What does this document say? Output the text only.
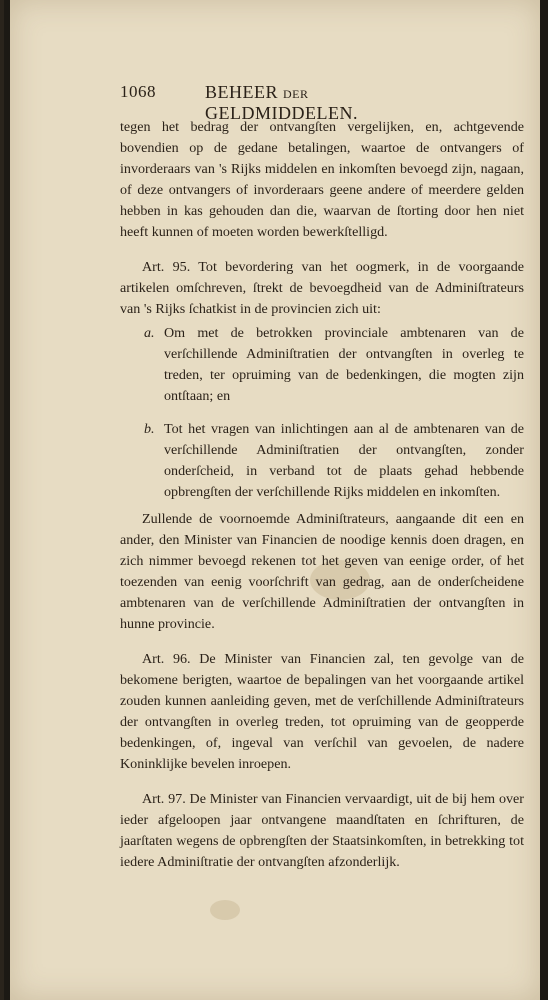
1068	BEHEER DER GELDMIDDELEN.

tegen het bedrag der ontvangſten vergelijken, en, achtgevende bovendien op de gedane betalingen, waartoe de ontvangers of invorderaars van 's Rijks middelen en inkomſten bevoegd zijn, nagaan, of deze ontvangers of invorderaars geene andere of meerdere gelden hebben in kas gehouden dan die, waarvan de ſtorting door hen niet heeft kunnen of moeten worden bewerkſtelligd.

Art. 95. Tot bevordering van het oogmerk, in de voorgaande artikelen omſchreven, ſtrekt de bevoegdheid van de Adminiſtrateurs van 's Rijks ſchatkist in de provincien zich uit:

a. Om met de betrokken provinciale ambtenaren van de verſchillende Adminiſtratien der ontvangſten in overleg te treden, ter opruiming van de bedenkingen, die mogten zijn ontſtaan; en
b. Tot het vragen van inlichtingen aan al de ambtenaren van de verſchillende Adminiſtratien der ontvangſten, zonder onderſcheid, in verband tot de plaats gehad hebbende opbrengſten der verſchillende Rijks middelen en inkomſten.

Zullende de voornoemde Adminiſtrateurs, aangaande dit een en ander, den Minister van Financien de noodige kennis doen dragen, en zich nimmer bevoegd rekenen tot het geven van eenige order, of het toezenden van eenig voorſchrift van gedrag, aan de onderſcheidene ambtenaren van de verſchillende Adminiſtratien der ontvangſten in hunne provincie.

Art. 96. De Minister van Financien zal, ten gevolge van de bekomene berigten, waartoe de bepalingen van het voorgaande artikel zouden kunnen aanleiding geven, met de verſchillende Adminiſtrateurs der ontvangſten in overleg treden, tot opruiming van de geopperde bedenkingen, of, ingeval van verſchil van gevoelen, de nadere Koninklijke bevelen inroepen.

Art. 97. De Minister van Financien vervaardigt, uit de bij hem over ieder afgeloopen jaar ontvangene maandſtaten en ſchrifturen, de jaarſtaten wegens de opbrengſten der Staatsinkomſten, in betrekking tot iedere Adminiſtratie der ontvangſten afzonderlijk.
